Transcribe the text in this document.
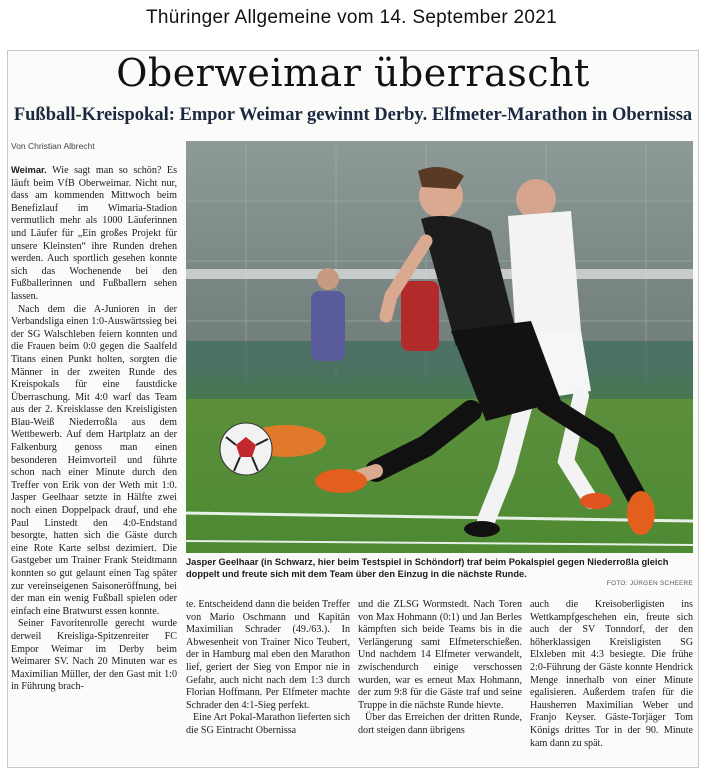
Thüringer Allgemeine vom 14. September 2021
Oberweimar überrascht
Fußball-Kreispokal: Empor Weimar gewinnt Derby. Elfmeter-Marathon in Obernissa
Von Christian Albrecht

Weimar. Wie sagt man so schön? Es läuft beim VfB Oberweimar. Nicht nur, dass am kommenden Mittwoch beim Benefizlauf im Wimaria-Stadion vermutlich mehr als 1000 Läuferinnen und Läufer für „Ein großes Projekt für unsere Kleinsten“ ihre Runden drehen werden. Auch sportlich gesehen konnte sich das Wochenende bei den Fußballerinnen und Fußballern sehen lassen.

Nach dem die A-Junioren in der Verbandsliga einen 1:0-Auswärtssieg bei der SG Walschleben feiern konnten und die Frauen beim 0:0 gegen die Saalfeld Titans einen Punkt holten, sorgten die Männer in der zweiten Runde des Kreispokals für eine faustdicke Überraschung. Mit 4:0 warf das Team aus der 2. Kreisklasse den Kreisligisten Blau-Weiß Niederroßla aus dem Wettbewerb. Auf dem Hartplatz an der Falkenburg genoss man einen besonderen Heimvorteil und führte schon nach einer Minute durch den Treffer von Erik von der Weth mit 1:0. Jasper Geelhaar setzte in Hälfte zwei noch einen Doppelpack drauf, und ehe Paul Linstedt den 4:0-Endstand besorgte, hatten sich die Gäste durch eine Rote Karte selbst dezimiert. Die Gastgeber um Trainer Frank Steidtmann konnten so gut gelaunt einen Tag später zur vereinseigenen Saisoneröffnung, bei der man ein wenig Fußball spielen oder einfach eine Bratwurst essen konnte.

Seiner Favoritenrolle gerecht wurde derweil Kreisliga-Spitzenreiter FC Empor Weimar im Derby beim Weimarer SV. Nach 20 Minuten war es Maximilian Müller, der den Gast mit 1:0 in Führung brach-

Jasper Geelhaar (in Schwarz, hier beim Testspiel in Schöndorf) traf beim Pokalspiel gegen Niederroßla gleich doppelt und freute sich mit dem Team über den Einzug in die nächste Runde.
FOTO: JÜRGEN SCHEERE

te. Entscheidend dann die beiden Treffer von Mario Oschmann und Kapitän Maximilian Schrader (49./63.). In Abwesenheit von Trainer Nico Teubert, der in Hamburg mal eben den Marathon lief, geriert der Sieg von Empor nie in Gefahr, auch nicht nach dem 1:3 durch Florian Hoffmann. Per Elfmeter machte Schrader den 4:1-Sieg perfekt.

Eine Art Pokal-Marathon lieferten sich die SG Eintracht Obernissa

und die ZLSG Wormstedt. Nach Toren von Max Hohmann (0:1) und Jan Berles kämpften sich beide Teams bis in die Verlängerung samt Elfmeterschießen. Und nachdem 14 Elfmeter verwandelt, zwischendurch einige verschossen wurden, war es erneut Max Hohmann, der zum 9:8 für die Gäste traf und seine Truppe in die nächste Runde hievte.

Über das Erreichen der dritten Runde, dort steigen dann übrigens

auch die Kreisoberligisten ins Wettkampfgeschehen ein, freute sich auch der SV Tonndorf, der den höherklassigen Kreisligisten SG Elxleben mit 4:3 besiegte. Die frühe 2:0-Führung der Gäste konnte Hendrick Menge innerhalb von einer Minute egalisieren. Außerdem trafen für die Hausherren Maximilian Weber und Franjo Keyser. Gäste-Torjäger Tom Königs drittes Tor in der 90. Minute kam dann zu spät.
